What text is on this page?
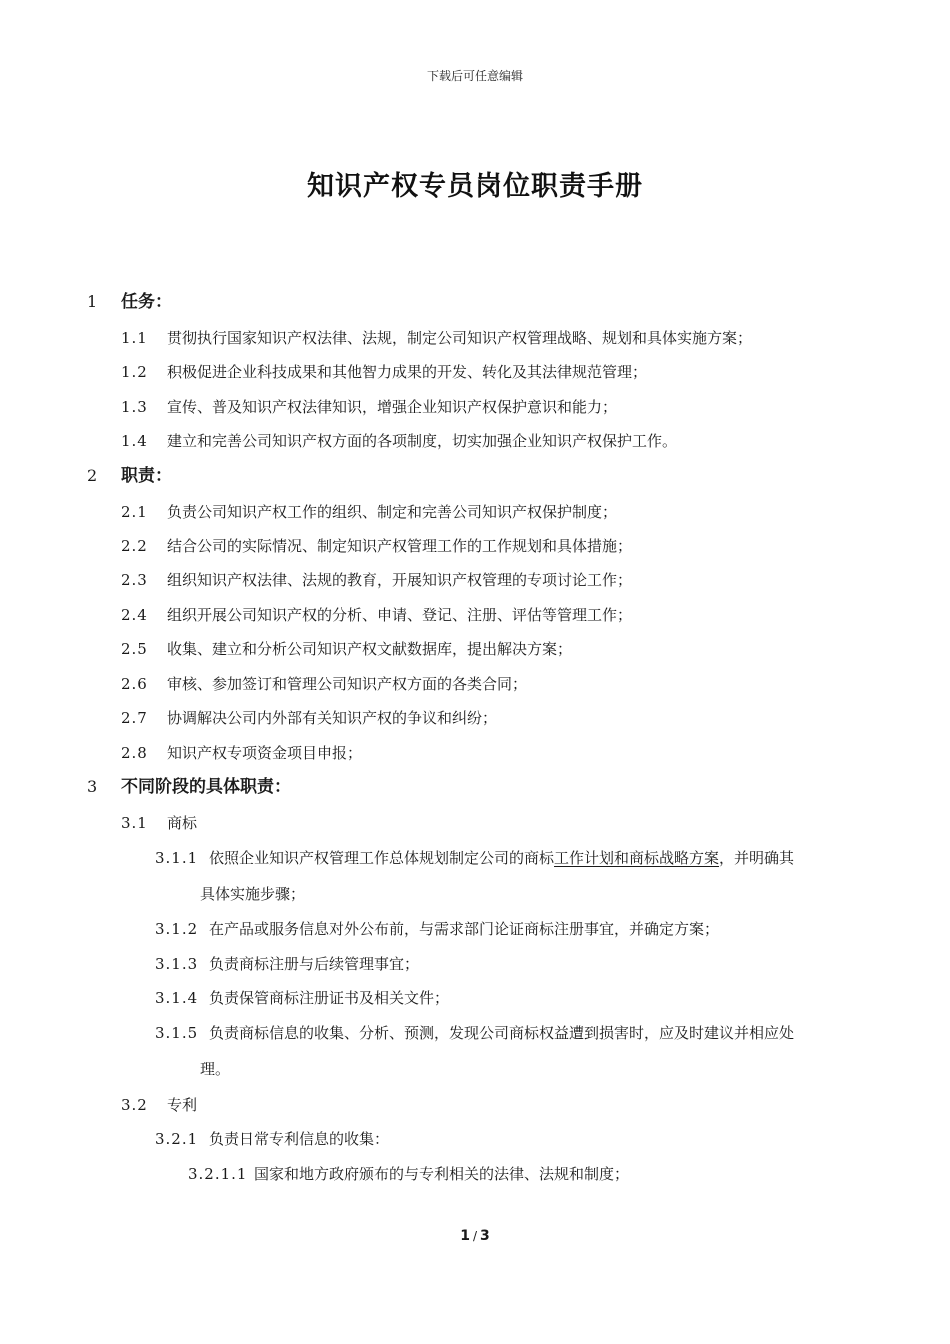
下载后可任意编辑
知识产权专员岗位职责手册
1 任务：
1.1 贯彻执行国家知识产权法律、法规，制定公司知识产权管理战略、规划和具体实施方案；
1.2 积极促进企业科技成果和其他智力成果的开发、转化及其法律规范管理；
1.3 宣传、普及知识产权法律知识，增强企业知识产权保护意识和能力；
1.4 建立和完善公司知识产权方面的各项制度，切实加强企业知识产权保护工作。
2 职责：
2.1 负责公司知识产权工作的组织、制定和完善公司知识产权保护制度；
2.2 结合公司的实际情况、制定知识产权管理工作的工作规划和具体措施；
2.3 组织知识产权法律、法规的教育，开展知识产权管理的专项讨论工作；
2.4 组织开展公司知识产权的分析、申请、登记、注册、评估等管理工作；
2.5 收集、建立和分析公司知识产权文献数据库，提出解决方案；
2.6 审核、参加签订和管理公司知识产权方面的各类合同；
2.7 协调解决公司内外部有关知识产权的争议和纠纷；
2.8 知识产权专项资金项目申报；
3 不同阶段的具体职责：
3.1 商标
3.1.1 依照企业知识产权管理工作总体规划制定公司的商标工作计划和商标战略方案，并明确其
具体实施步骤；
3.1.2 在产品或服务信息对外公布前，与需求部门论证商标注册事宜，并确定方案；
3.1.3 负责商标注册与后续管理事宜；
3.1.4 负责保管商标注册证书及相关文件；
3.1.5 负责商标信息的收集、分析、预测，发现公司商标权益遭到损害时，应及时建议并相应处
理。
3.2 专利
3.2.1 负责日常专利信息的收集：
3.2.1.1 国家和地方政府颁布的与专利相关的法律、法规和制度；
1 / 3
